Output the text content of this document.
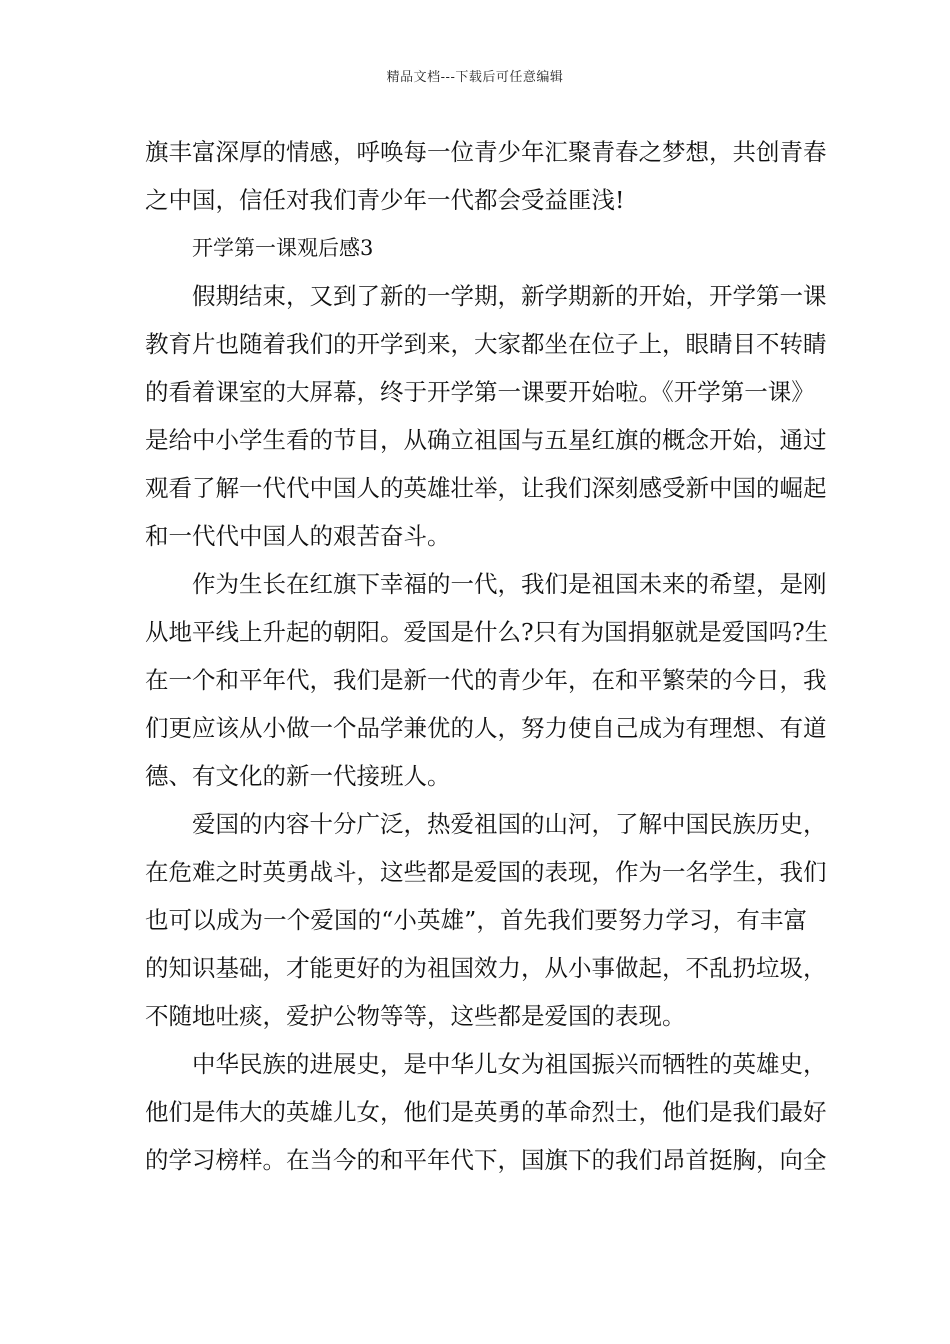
精品文档---下载后可任意编辑
旗丰富深厚的情感，呼唤每一位青少年汇聚青春之梦想，共创青春
之中国，信任对我们青少年一代都会受益匪浅!
开学第一课观后感3
假期结束，又到了新的一学期，新学期新的开始，开学第一课
教育片也随着我们的开学到来，大家都坐在位子上，眼睛目不转睛
的看着课室的大屏幕，终于开学第一课要开始啦。《开学第一课》
是给中小学生看的节目，从确立祖国与五星红旗的概念开始，通过
观看了解一代代中国人的英雄壮举，让我们深刻感受新中国的崛起
和一代代中国人的艰苦奋斗。
作为生长在红旗下幸福的一代，我们是祖国未来的希望，是刚
从地平线上升起的朝阳。爱国是什么?只有为国捐躯就是爱国吗?生
在一个和平年代，我们是新一代的青少年，在和平繁荣的今日，我
们更应该从小做一个品学兼优的人，努力使自己成为有理想、有道
德、有文化的新一代接班人。
爱国的内容十分广泛，热爱祖国的山河，了解中国民族历史，
在危难之时英勇战斗，这些都是爱国的表现，作为一名学生，我们
也可以成为一个爱国的“小英雄”，首先我们要努力学习，有丰富
的知识基础，才能更好的为祖国效力，从小事做起，不乱扔垃圾，
不随地吐痰，爱护公物等等，这些都是爱国的表现。
中华民族的进展史，是中华儿女为祖国振兴而牺牲的英雄史，
他们是伟大的英雄儿女，他们是英勇的革命烈士，他们是我们最好
的学习榜样。在当今的和平年代下，国旗下的我们昂首挺胸，向全
